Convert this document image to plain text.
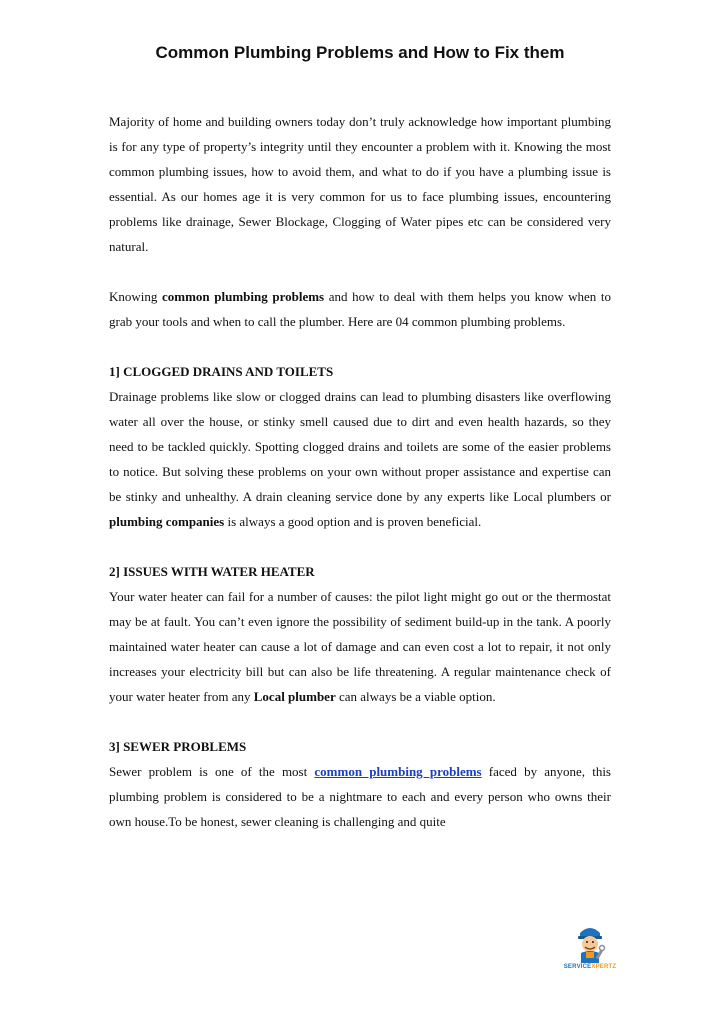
Common Plumbing Problems and How to Fix them

Majority of home and building owners today don’t truly acknowledge how important plumbing is for any type of property’s integrity until they encounter a problem with it. Knowing the most common plumbing issues, how to avoid them, and what to do if you have a plumbing issue is essential. As our homes age it is very common for us to face plumbing issues, encountering problems like drainage, Sewer Blockage, Clogging of Water pipes etc can be considered very natural.

Knowing common plumbing problems and how to deal with them helps you know when to grab your tools and when to call the plumber. Here are 04 common plumbing problems.

1] CLOGGED DRAINS AND TOILETS

Drainage problems like slow or clogged drains can lead to plumbing disasters like overflowing water all over the house, or stinky smell caused due to dirt and even health hazards, so they need to be tackled quickly. Spotting clogged drains and toilets are some of the easier problems to notice. But solving these problems on your own without proper assistance and expertise can be stinky and unhealthy. A drain cleaning service done by any experts like Local plumbers or plumbing companies is always a good option and is proven beneficial.

2] ISSUES WITH WATER HEATER

Your water heater can fail for a number of causes: the pilot light might go out or the thermostat may be at fault. You can’t even ignore the possibility of sediment build-up in the tank. A poorly maintained water heater can cause a lot of damage and can even cost a lot to repair, it not only increases your electricity bill but can also be life threatening. A regular maintenance check of your water heater from any Local plumber can always be a viable option.

3] SEWER PROBLEMS

Sewer problem is one of the most common plumbing problems faced by anyone, this plumbing problem is considered to be a nightmare to each and every person who owns their own house.To be honest, sewer cleaning is challenging and quite

SERVICEXPERTZ
